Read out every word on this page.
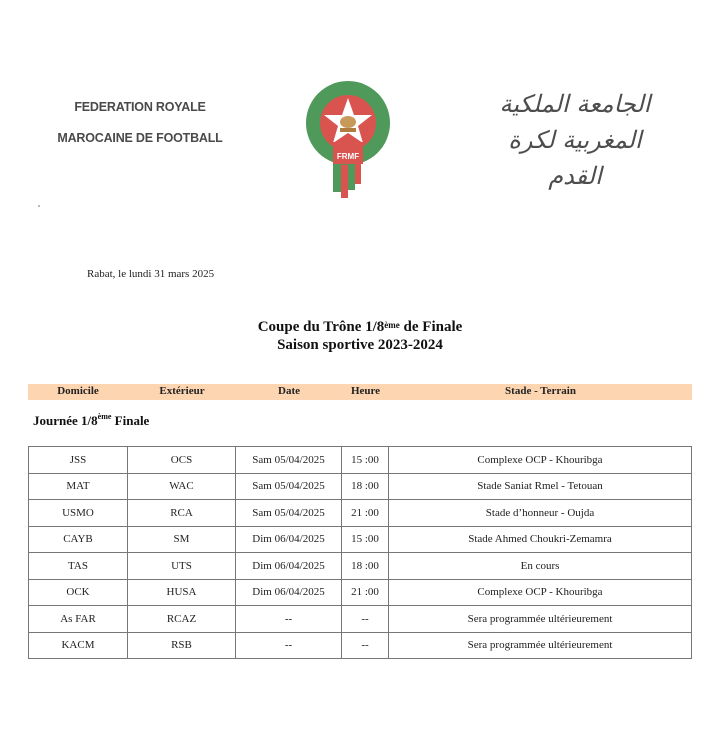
FEDERATION ROYALE
MAROCAINE DE FOOTBALL
FRMF
الجامعة الملكية
المغربية لكرة القدم
Rabat, le lundi 31 mars 2025
Coupe du Trône 1/8ème de Finale
Saison sportive 2023-2024
Domicile	Extérieur	Date	Heure	Stade - Terrain
Journée 1/8ème Finale
JSS	OCS	Sam 05/04/2025	15 :00	Complexe OCP - Khouribga
MAT	WAC	Sam 05/04/2025	18 :00	Stade Saniat Rmel - Tetouan
USMO	RCA	Sam 05/04/2025	21 :00	Stade d’honneur - Oujda
CAYB	SM	Dim 06/04/2025	15 :00	Stade Ahmed Choukri-Zemamra
TAS	UTS	Dim 06/04/2025	18 :00	En cours
OCK	HUSA	Dim 06/04/2025	21 :00	Complexe OCP - Khouribga
As FAR	RCAZ	--	--	Sera programmée ultérieurement
KACM	RSB	--	--	Sera programmée ultérieurement
